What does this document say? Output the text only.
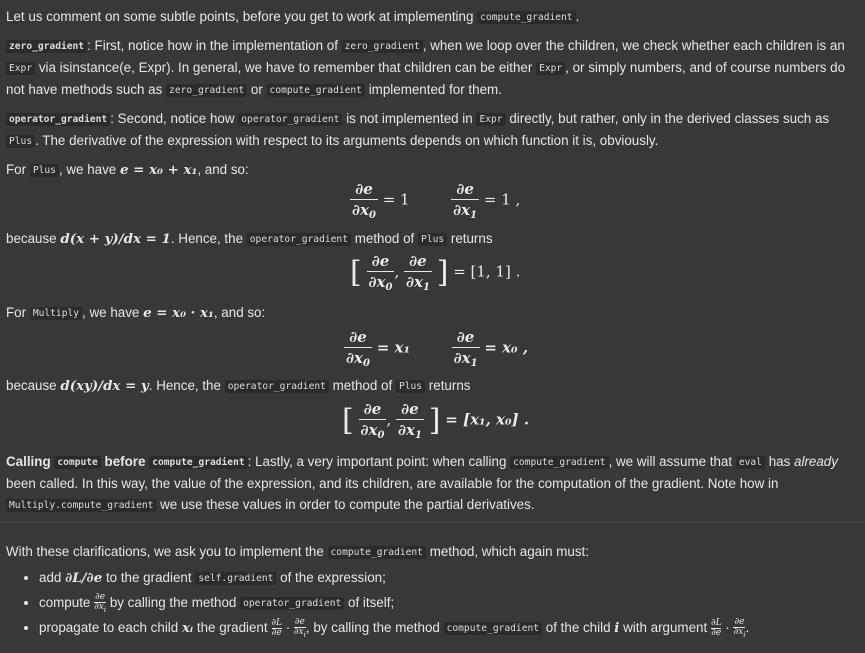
Let us comment on some subtle points, before you get to work at implementing compute_gradient .

zero_gradient : First, notice how in the implementation of zero_gradient , when we loop over the children, we check whether each children is an Expr via isinstance(e, Expr). In general, we have to remember that children can be either Expr , or simply numbers, and of course numbers do not have methods such as zero_gradient or compute_gradient implemented for them.

operator_gradient : Second, notice how operator_gradient is not implemented in Expr directly, but rather, only in the derived classes such as Plus . The derivative of the expression with respect to its arguments depends on which function it is, obviously.

For Plus , we have e = x₀ + x₁, and so:

$\frac{\partial e}{\partial x_0} = 1$	$\frac{\partial e}{\partial x_1} = 1$ ,

because d(x + y)/dx = 1. Hence, the operator_gradient method of Plus returns

[ $\frac{\partial e}{\partial x_0}$ , $\frac{\partial e}{\partial x_1}$ ] = [1, 1] .

For Multiply , we have e = x₀ · x₁, and so:

$\frac{\partial e}{\partial x_0} = x_1$	$\frac{\partial e}{\partial x_1} = x_0$ ,

because d(xy)/dx = y. Hence, the operator_gradient method of Plus returns

[ $\frac{\partial e}{\partial x_0}$ , $\frac{\partial e}{\partial x_1}$ ] = [x₁, x₀] .

Calling compute before compute_gradient : Lastly, a very important point: when calling compute_gradient , we will assume that eval has already been called. In this way, the value of the expression, and its children, are available for the computation of the gradient. Note how in Multiply.compute_gradient we use these values in order to compute the partial derivatives.

With these clarifications, we ask you to implement the compute_gradient method, which again must:

• add ∂L/∂e to the gradient self.gradient of the expression;
• compute $\frac{\partial e}{\partial x_i}$ by calling the method operator_gradient of itself;
• propagate to each child xᵢ the gradient $\frac{\partial L}{\partial e} \cdot \frac{\partial e}{\partial x_i}$ , by calling the method compute_gradient of the child i with argument $\frac{\partial L}{\partial e} \cdot \frac{\partial e}{\partial x_i}$ .
